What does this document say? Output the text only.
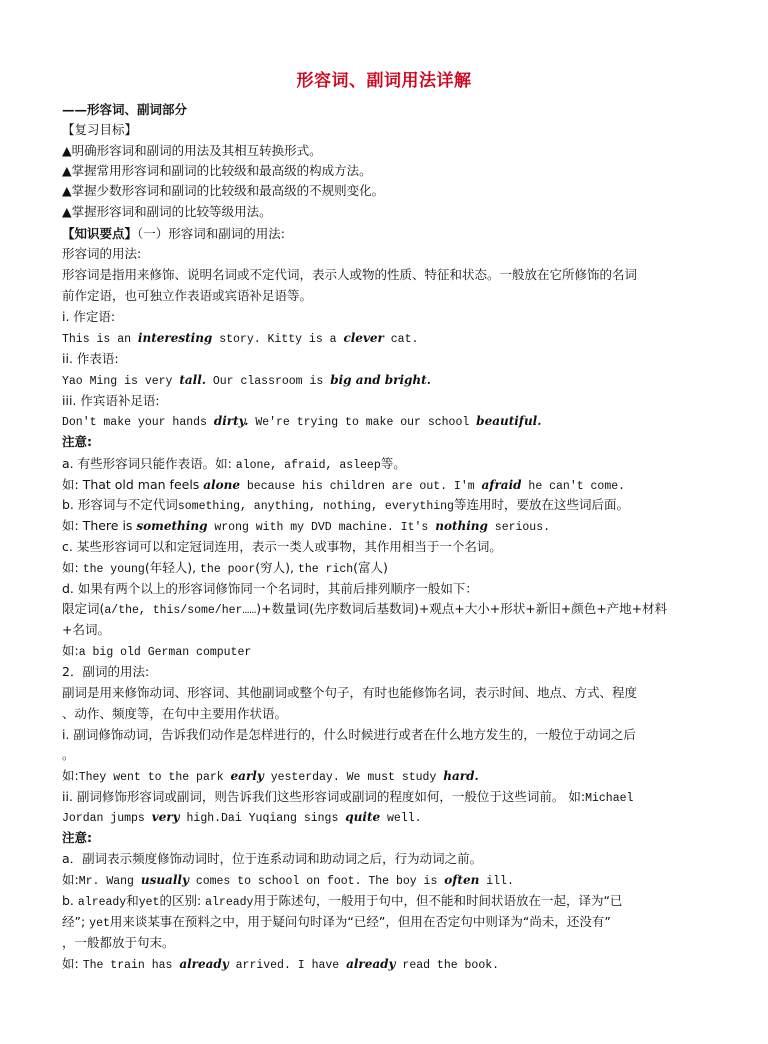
形容词、副词用法详解
——形容词、副词部分
【复习目标】
▲明确形容词和副词的用法及其相互转换形式。
▲掌握常用形容词和副词的比较级和最高级的构成方法。
▲掌握少数形容词和副词的比较级和最高级的不规则变化。
▲掌握形容词和副词的比较等级用法。
【知识要点】（一）形容词和副词的用法:
形容词的用法:
形容词是指用来修饰、说明名词或不定代词，表示人或物的性质、特征和状态。一般放在它所修饰的名词
前作定语，也可独立作表语或宾语补足语等。
i. 作定语:
This is an interesting story. Kitty is a clever cat.
ii. 作表语:
Yao Ming is very tall. Our classroom is big and bright.
iii. 作宾语补足语:
Don't make your hands dirty. We're trying to make our school beautiful.
注意:
a. 有些形容词只能作表语。如: alone, afraid, asleep等。
如: That old man feels alone because his children are out. I'm afraid he can't come.
b. 形容词与不定代词something, anything, nothing, everything等连用时，要放在这些词后面。
如: There is something wrong with my DVD machine. It's nothing serious.
c. 某些形容词可以和定冠词连用，表示一类人或事物，其作用相当于一个名词。
如: the young(年轻人), the poor(穷人), the rich(富人)
d. 如果有两个以上的形容词修饰同一个名词时，其前后排列顺序一般如下：
限定词(a/the, this/some/her……)+数量词(先序数词后基数词)+观点+大小+形状+新旧+颜色+产地+材料
+名词。
如:a big old German computer
2．副词的用法:
副词是用来修饰动词、形容词、其他副词或整个句子，有时也能修饰名词，表示时间、地点、方式、程度
、动作、频度等，在句中主要用作状语。
i. 副词修饰动词，告诉我们动作是怎样进行的，什么时候进行或者在什么地方发生的，一般位于动词之后
。
如:They went to the park early yesterday. We must study hard.
ii. 副词修饰形容词或副词，则告诉我们这些形容词或副词的程度如何，一般位于这些词前。 如:Michael
Jordan jumps very high.Dai Yuqiang sings quite well.
注意:
a．副词表示频度修饰动词时，位于连系动词和助动词之后，行为动词之前。
如:Mr. Wang usually comes to school on foot. The boy is often ill.
b. already和yet的区别: already用于陈述句，一般用于句中，但不能和时间状语放在一起，译为“已
经”; yet用来谈某事在预料之中，用于疑问句时译为“已经”，但用在否定句中则译为“尚未，还没有”
，一般都放于句末。
如: The train has already arrived. I have already read the book.
